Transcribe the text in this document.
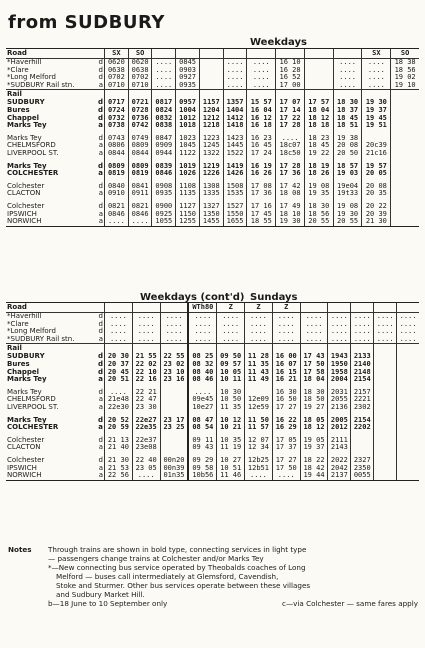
from SUDBURY
Weekdays
Road		SX	SO									SX	SO
*Haverhill	d	0620	0620	....	0845		....	....	16 10		....	....	18 38
*Clare	d	0638	0638	....	0903		....	....	16 28		....	....	18 56
*Long Melford	d	0702	0702	....	0927		....	....	16 52		....	....	19 02
*SUDBURY Rail stn.	a	0710	0710	....	0935		....	....	17 00		....	....	19 10
Rail													
SUDBURY	d	0717	0721	0817	0957	1157	1357	15 57	17 07	17 57	18 30	19 30	
Bures	d	0724	0728	0824	1004	1204	1404	16 04	17 14	18 04	18 37	19 37	
Chappel	d	0732	0736	0832	1012	1212	1412	16 12	17 22	18 12	18 45	19 45	
Marks Tey	a	0738	0742	0838	1018	1218	1418	16 18	17 28	18 18	18 51	19 51	

Marks Tey	d	0743	0749	0847	1023	1223	1423	16 23	....	18 23	19 38		
CHELMSFORD	a	0806	0809	0909	1045	1245	1445	16 45	18c07	18 45	20 08	20c39	
LIVERPOOL ST.	a	0844	0844	0944	1122	1322	1522	17 24	18c50	19 22	20 50	21c16	

Marks Tey	d	0809	0809	0839	1019	1219	1419	16 19	17 28	18 19	18 57	19 57	
COLCHESTER	a	0819	0819	0846	1026	1226	1426	16 26	17 36	18 26	19 03	20 05	

Colchester	d	0840	0841	0908	1108	1308	1508	17 08	17 42	19 08	19e04	20 08	
CLACTON	a	0910	0911	0935	1135	1335	1535	17 36	18 08	19 35	19t33	20 35	

Colchester	d	0821	0821	0900	1127	1327	1527	17 16	17 49	18 30	19 08	20 22	
IPSWICH	a	0846	0846	0925	1150	1350	1550	17 45	18 10	18 56	19 30	20 39	
NORWICH	a	....	....	1055	1255	1455	1655	18 55	19 30	20 55	20 55	21 30	
Weekdays (cont'd) Sundays
Road					WTh80	Z	Z	Z					
*Haverhill	d	....	....	....	....	....	....	....	....	....	....	....	....
*Clare	d	....	....	....	....	....	....	....	....	....	....	....	....
*Long Melford	d	....	....	....	....	....	....	....	....	....	....	....	....
*SUDBURY Rail stn.	a	....	....	....	....	....	....	....	....	....	....	....	....
Rail													
SUDBURY	d	20 30	21 55	22 55	08 25	09 50	11 28	16 00	17 43	1943	2133		
Bures	d	20 37	22 02	23 02	08 32	09 57	11 35	16 07	17 50	1950	2140		
Chappel	d	20 45	22 10	23 10	08 40	10 05	11 43	16 15	17 58	1958	2148		
Marks Tey	a	20 51	22 16	23 16	08 46	10 11	11 49	16 21	18 04	2004	2154		

Marks Tey	d	....	22 21		....	10 30		16 30	18 30	2031	2157		
CHELMSFORD	a	21e48	22 47		09e45	10 50	12e09	16 50	18 50	2055	2221		
LIVERPOOL ST.	a	22e30	23 30		10e27	11 35	12e59	17 27	19 27	2136	2302		

Marks Tey	d	20 52	22e27	23 17	08 47	10 12	11 50	16 22	18 05	2005	2154		
COLCHESTER	a	20 59	22e35	23 25	08 54	10 21	11 57	16 29	18 12	2012	2202		

Colchester	d	21 13	22e37		09 11	10 35	12 07	17 05	19 05	2111			
CLACTON	a	21 40	23e08		09 43	11 19	12 34	17 37	19 37	2143			

Colchester	d	21 30	22 40	00n20	09 29	10 27	12b25	17 27	18 22	2022	2327		
IPSWICH	a	21 53	23 05	00n39	09 58	10 51	12b51	17 50	18 42	2042	2350		
NORWICH	a	22 56	....	01n35	10b56	11 46	....	....	19 44	2137	0055		
Notes Through trains are shown in bold type, connecting services in light type
— passengers change trains at Colchester and/or Marks Tey
*—New connecting bus service operated by Theobalds coaches of Long
Melford — buses call intermediately at Glemsford, Cavendish,
Stoke and Sturmer. Other bus services operate between these villages
and Sudbury Market Hill.
b—18 June to 10 September only	c—via Colchester — same fares apply
